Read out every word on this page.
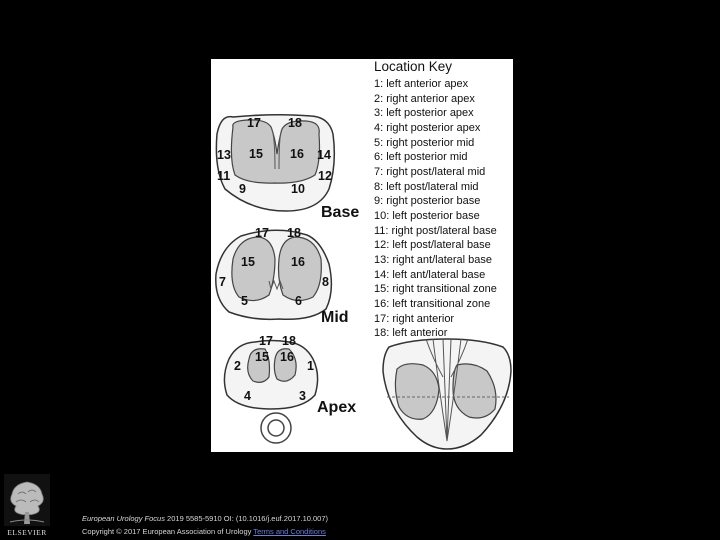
17 18
13 15 16 14
11	12
9	10
Base
17 18
15	16
7	8
5	6
Mid
17 18
15 16
2	1
4	3
Apex

Location Key

1: left anterior apex
2: right anterior apex
3: left posterior apex
4: right posterior apex
5: right posterior mid
6: left posterior mid
7: right post/lateral mid
8: left post/lateral mid
9: right posterior base
10: left posterior base
11: right post/lateral base
12: left post/lateral base
13: right ant/lateral base
14: left ant/lateral base
15: right transitional zone
16: left transitional zone
17: right anterior
18: left anterior
ELSEVIER
European Urology Focus 2019 5585-5910 OI: (10.1016/j.euf.2017.10.007)
Copyright © 2017 European Association of Urology Terms and Conditions
